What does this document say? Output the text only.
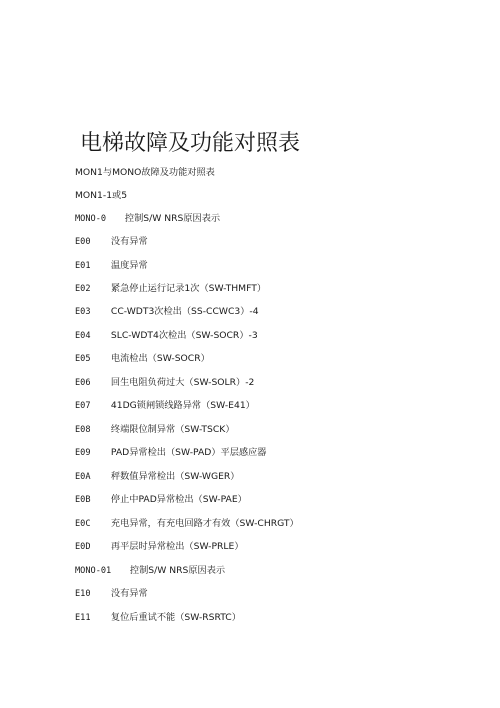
电梯故障及功能对照表
MON1与MONO故障及功能对照表
MON1-1或5
MONO-0 控制S/W NRS原因表示
E00 没有异常
E01 温度异常
E02 紧急停止运行记录1次（SW-THMFT）
E03 CC-WDT3次检出（SS-CCWC3）-4
E04 SLC-WDT4次检出（SW-SOCR）-3
E05 电流检出（SW-SOCR）
E06 回生电阻负荷过大（SW-SOLR）-2
E07 41DG锁闸锁线路异常（SW-E41）
E08 终端限位制异常（SW-TSCK）
E09 PAD异常检出（SW-PAD）平层感应器
E0A 秤数值异常检出（SW-WGER）
E0B 停止中PAD异常检出（SW-PAE）
E0C 充电异常，有充电回路才有效（SW-CHRGT）
E0D 再平层时异常检出（SW-PRLE）
MONO-01 控制S/W NRS原因表示
E10 没有异常
E11 复位后重试不能（SW-RSRTC）
